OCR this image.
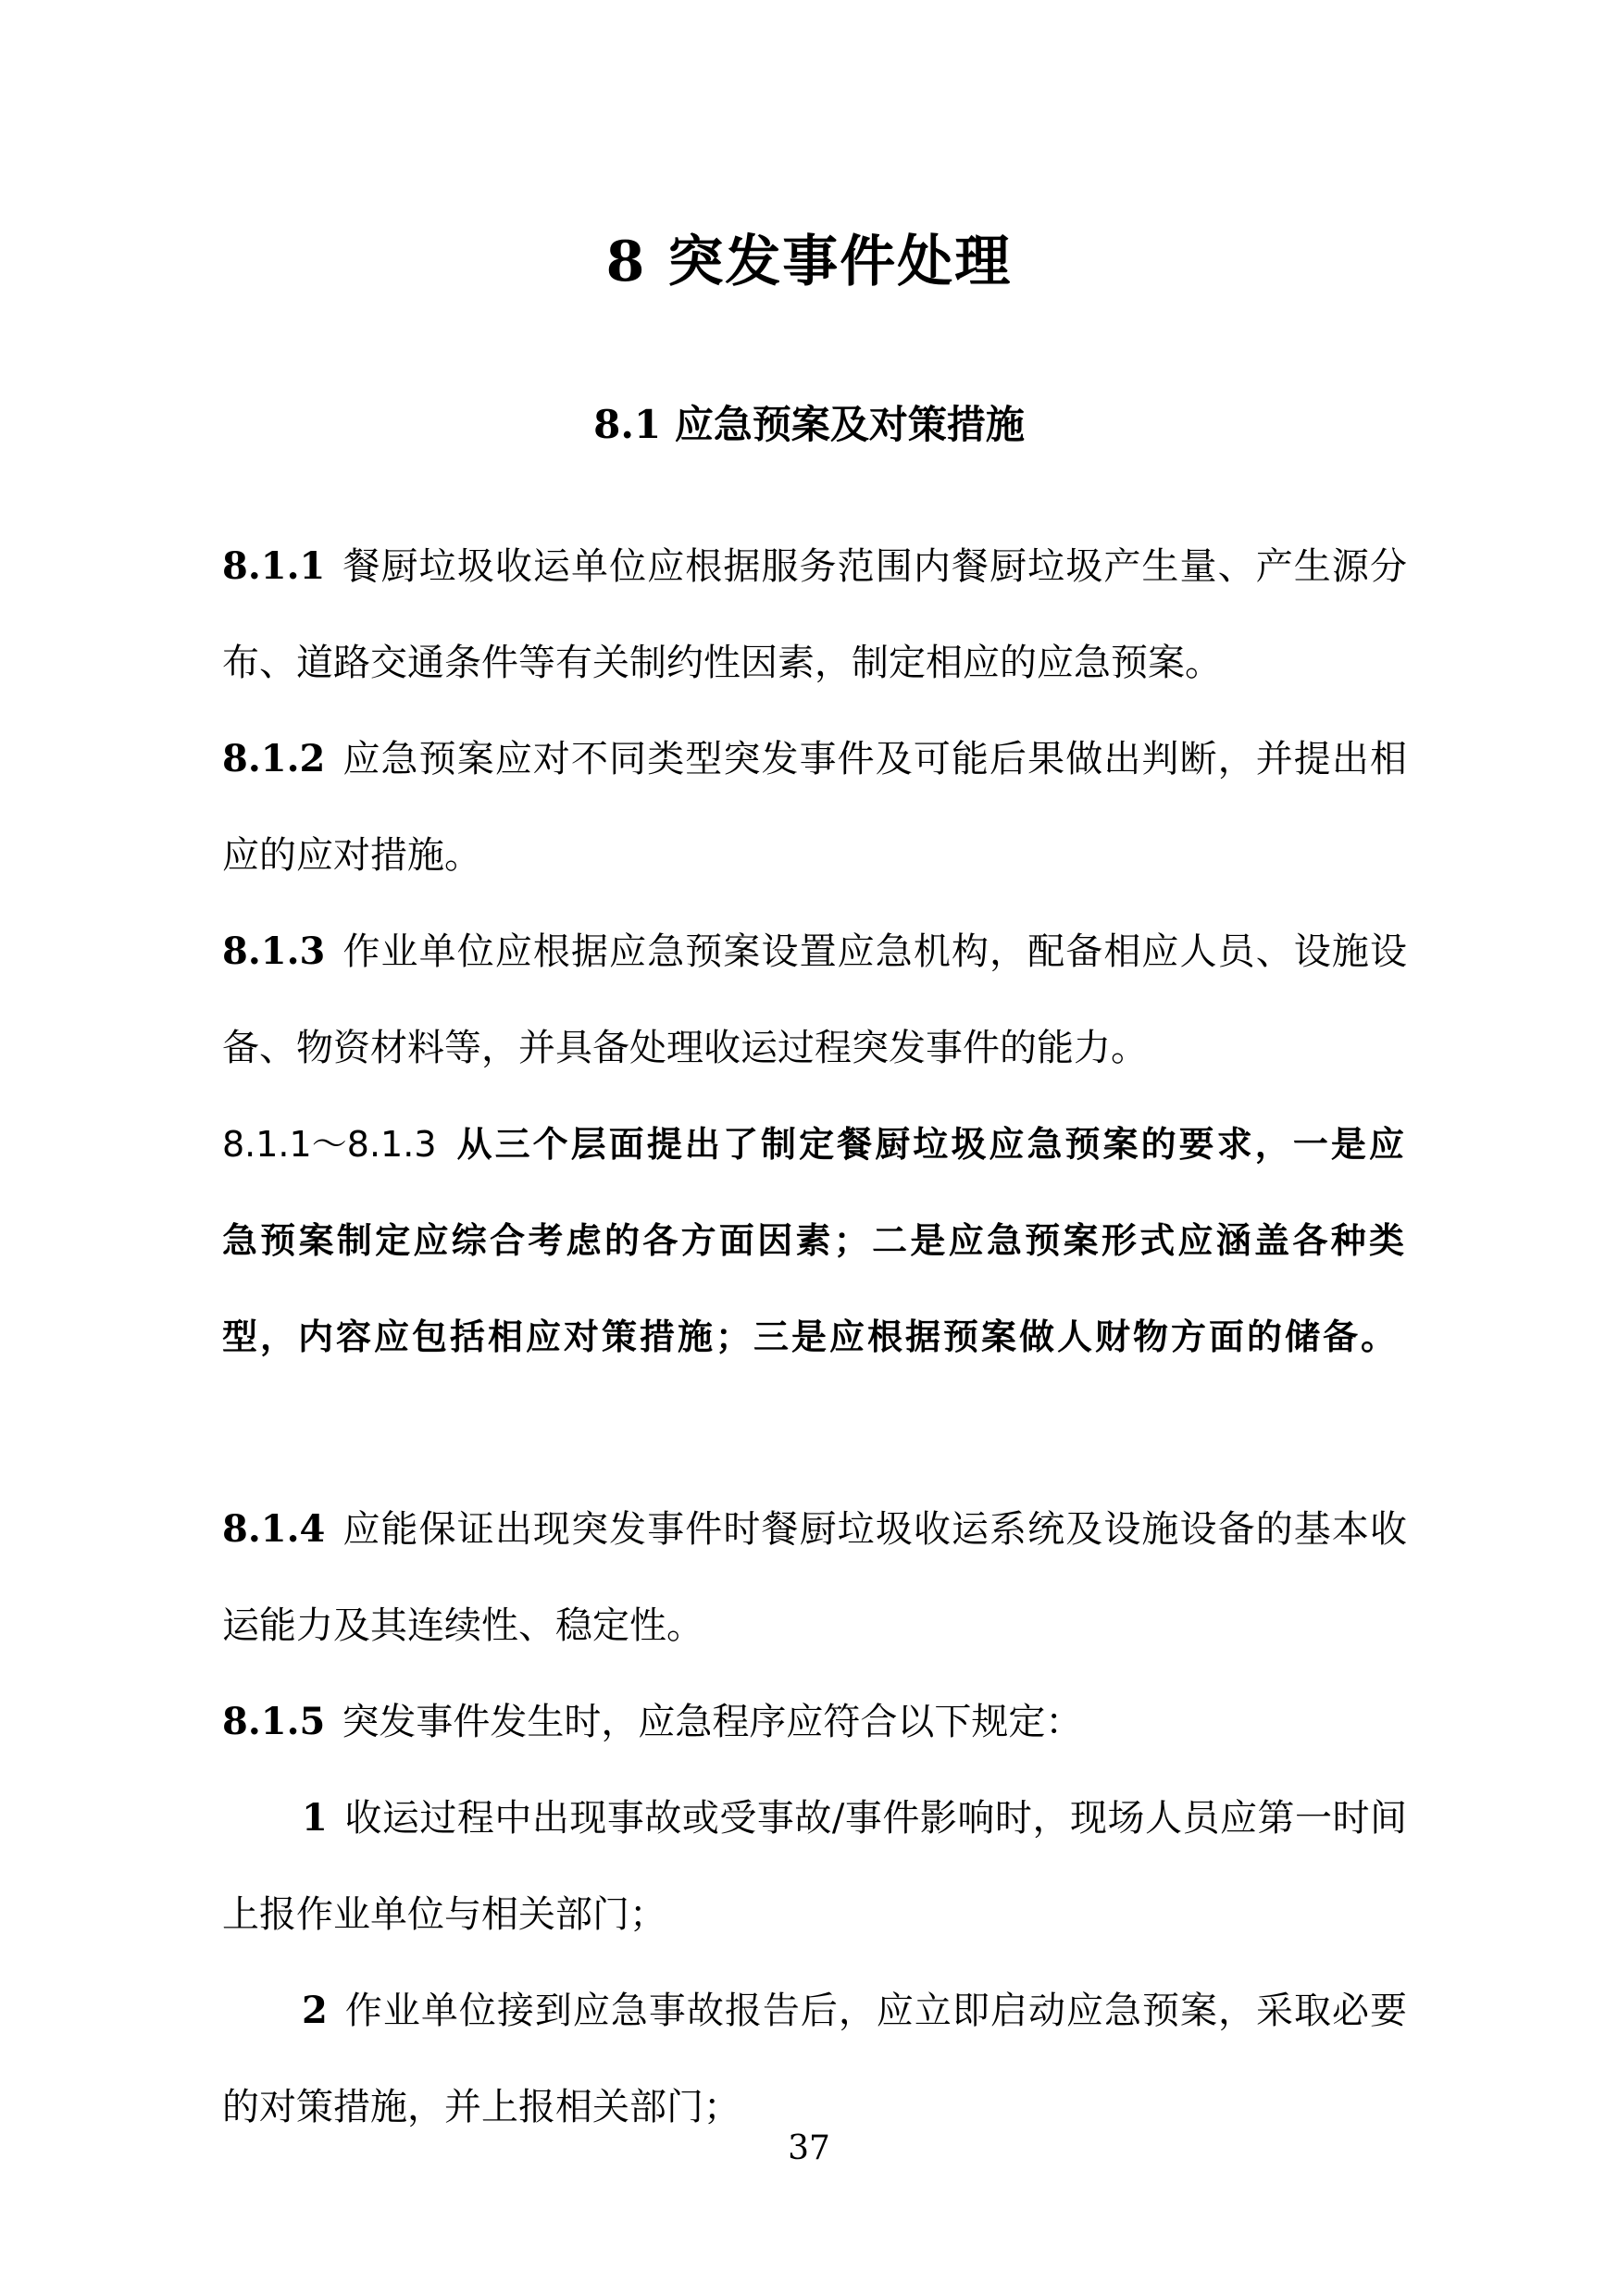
8 突发事件处理
8.1 应急预案及对策措施

8.1.1 餐厨垃圾收运单位应根据服务范围内餐厨垃圾产生量、产生源分布、道路交通条件等有关制约性因素，制定相应的应急预案。

8.1.2 应急预案应对不同类型突发事件及可能后果做出判断，并提出相应的应对措施。

8.1.3 作业单位应根据应急预案设置应急机构，配备相应人员、设施设备、物资材料等，并具备处理收运过程突发事件的能力。

8.1.1～8.1.3 从三个层面提出了制定餐厨垃圾应急预案的要求，一是应急预案制定应综合考虑的各方面因素；二是应急预案形式应涵盖各种类型，内容应包括相应对策措施；三是应根据预案做人财物方面的储备。

8.1.4 应能保证出现突发事件时餐厨垃圾收运系统及设施设备的基本收运能力及其连续性、稳定性。

8.1.5 突发事件发生时，应急程序应符合以下规定：

1 收运过程中出现事故或受事故/事件影响时，现场人员应第一时间上报作业单位与相关部门；

2 作业单位接到应急事故报告后，应立即启动应急预案，采取必要的对策措施，并上报相关部门；

37
